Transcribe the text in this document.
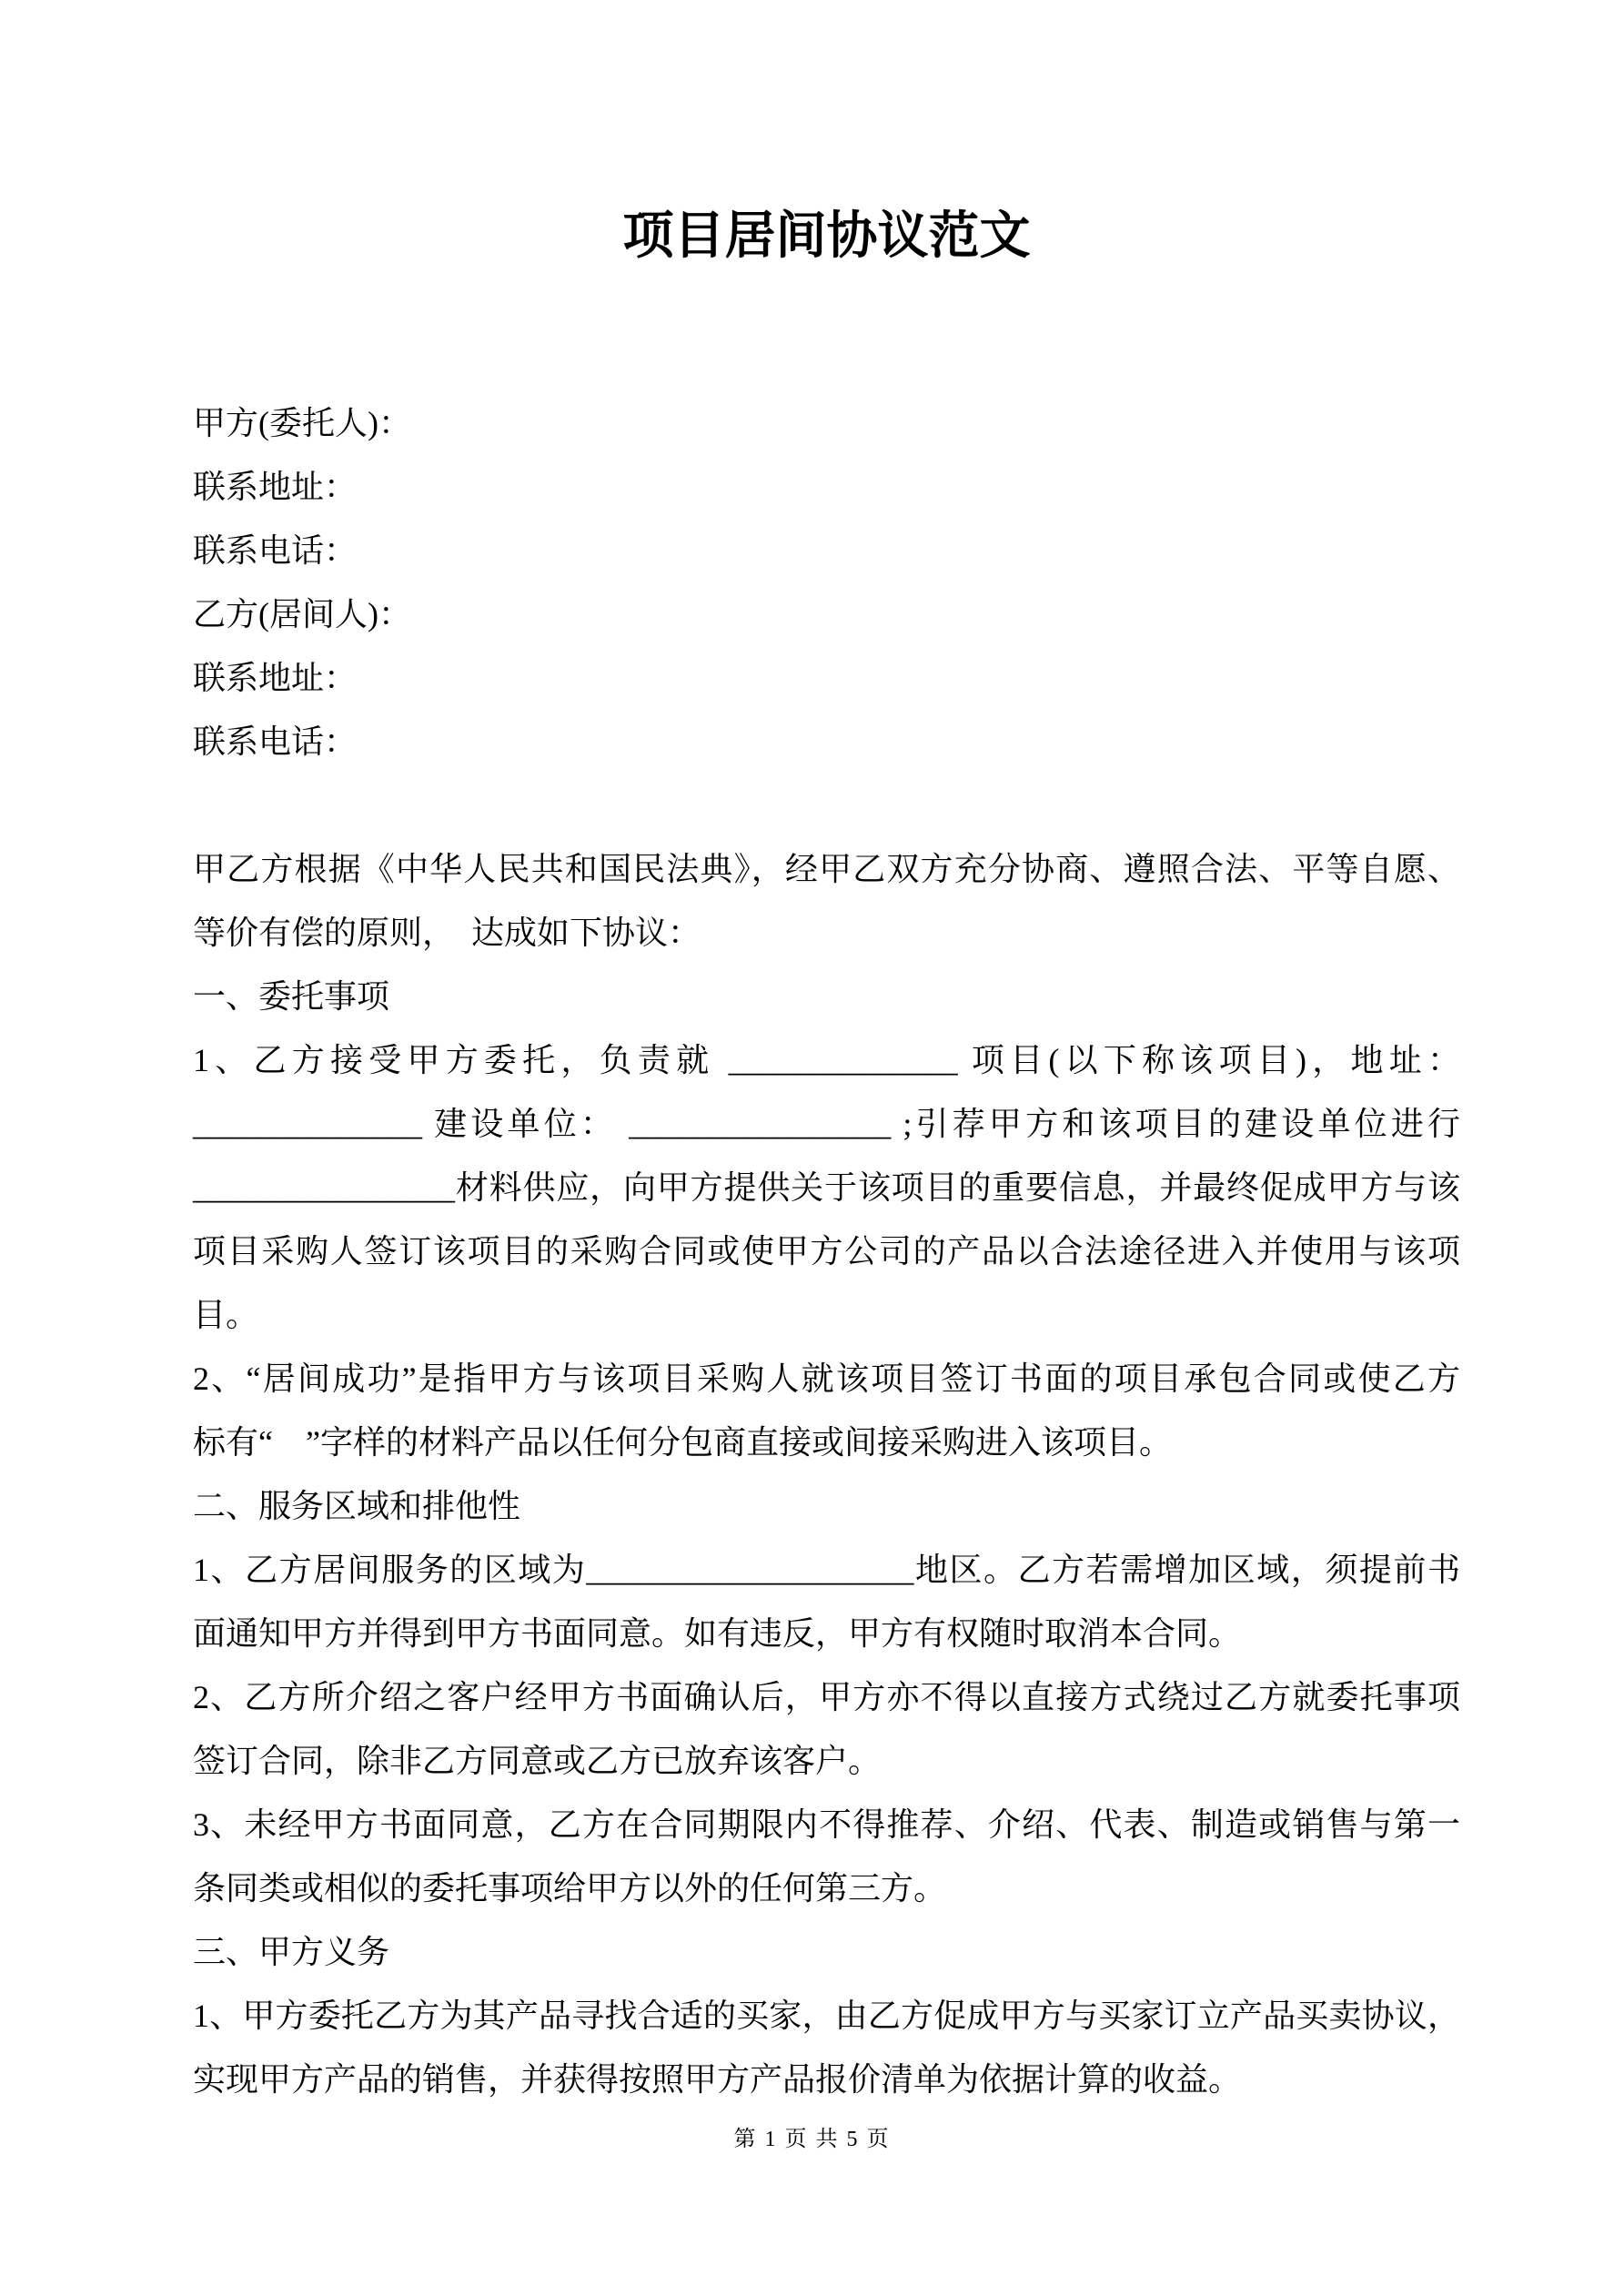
项目居间协议范文
甲方(委托人)：
联系地址：
联系电话：
乙方(居间人)：
联系地址：
联系电话：
甲乙方根据《中华人民共和国民法典》，经甲乙双方充分协商、遵照合法、平等自愿、
等价有偿的原则，　达成如下协议：
一、委托事项
1、乙方接受甲方委托，负责就 ______________ 项目(以下称该项目)，地址：
______________ 建设单位： ________________ ;引荐甲方和该项目的建设单位进行
________________材料供应，向甲方提供关于该项目的重要信息，并最终促成甲方与该
项目采购人签订该项目的采购合同或使甲方公司的产品以合法途径进入并使用与该项
目。
2、“居间成功”是指甲方与该项目采购人就该项目签订书面的项目承包合同或使乙方
标有“　”字样的材料产品以任何分包商直接或间接采购进入该项目。
二、服务区域和排他性
1、乙方居间服务的区域为____________________地区。乙方若需增加区域，须提前书
面通知甲方并得到甲方书面同意。如有违反，甲方有权随时取消本合同。
2、乙方所介绍之客户经甲方书面确认后，甲方亦不得以直接方式绕过乙方就委托事项
签订合同，除非乙方同意或乙方已放弃该客户。
3、未经甲方书面同意，乙方在合同期限内不得推荐、介绍、代表、制造或销售与第一
条同类或相似的委托事项给甲方以外的任何第三方。
三、甲方义务
1、甲方委托乙方为其产品寻找合适的买家，由乙方促成甲方与买家订立产品买卖协议，
实现甲方产品的销售，并获得按照甲方产品报价清单为依据计算的收益。
第 1 页 共 5 页
